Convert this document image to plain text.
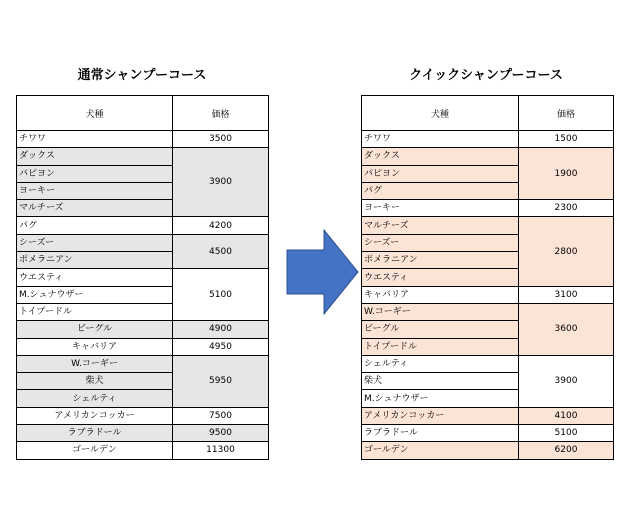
通常シャンプーコース	クイックシャンプーコース
犬種	価格
チワワ	3500
ダックス	3900
パピヨン	
ヨーキー	
マルチーズ	
パグ	4200
シーズー	4500
ポメラニアン	
ウエスティ	5100
M.シュナウザー	
トイプードル	
ビーグル	4900
キャバリア	4950
W.コーギー	5950
柴犬	
シェルティ	
アメリカンコッカー	7500
ラブラドール	9500
ゴールデン	11300
犬種	価格
チワワ	1500
ダックス	1900
パピヨン	
パグ	
ヨーキー	2300
マルチーズ	2800
シーズー	
ポメラニアン	
ウエスティ	
キャバリア	3100
W.コーギー	3600
ビーグル	
トイプードル	
シェルティ	3900
柴犬	
M.シュナウザー	
アメリカンコッカー	4100
ラブラドール	5100
ゴールデン	6200
